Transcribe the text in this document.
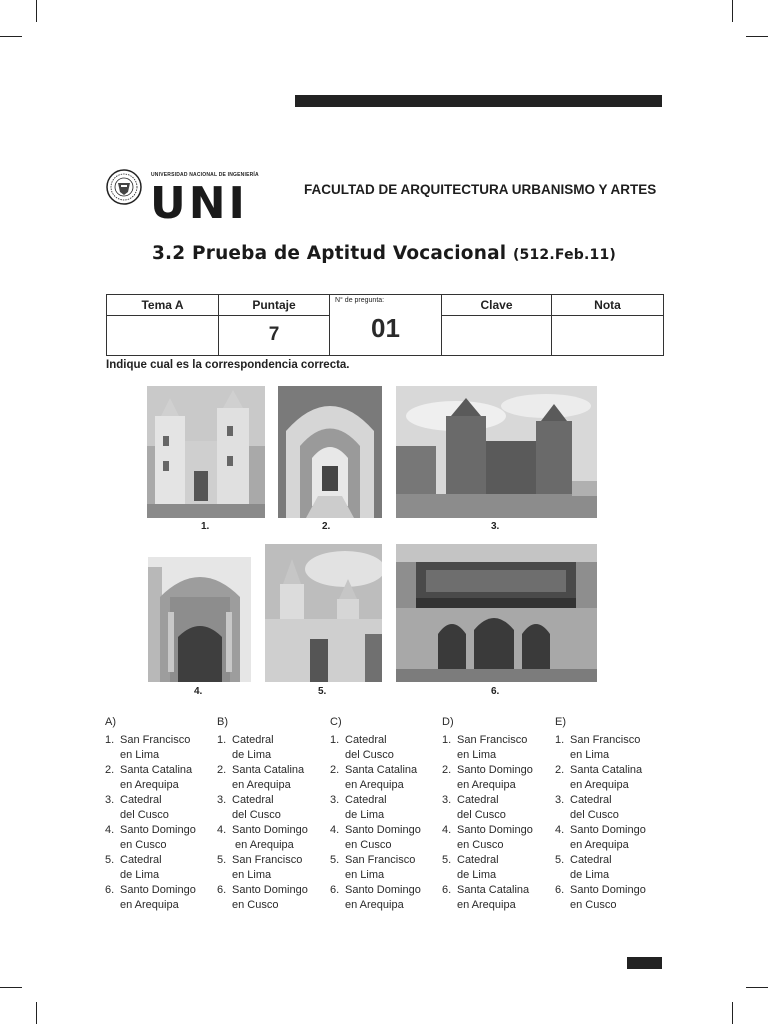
UNIVERSIDAD NACIONAL DE INGENIERÍA
UNI	FACULTAD DE ARQUITECTURA URBANISMO Y ARTES
3.2 Prueba de Aptitud Vocacional (512.Feb.11)
Tema A	Puntaje	N° de pregunta:	Clave	Nota
	7	01		
Indique cual es la correspondencia correcta.
1.	2.	3.
4.	5.	6.
A)
1. San Francisco
en Lima
2. Santa Catalina
en Arequipa
3. Catedral
del Cusco
4. Santo Domingo
en Cusco
5. Catedral
de Lima
6. Santo Domingo
en Arequipa
B)
1. Catedral
de Lima
2. Santa Catalina
en Arequipa
3. Catedral
del Cusco
4. Santo Domingo
en Arequipa
5. San Francisco
en Lima
6. Santo Domingo
en Cusco
C)
1. Catedral
del Cusco
2. Santa Catalina
en Arequipa
3. Catedral
de Lima
4. Santo Domingo
en Cusco
5. San Francisco
en Lima
6. Santo Domingo
en Arequipa
D)
1. San Francisco
en Lima
2. Santo Domingo
en Arequipa
3. Catedral
del Cusco
4. Santo Domingo
en Cusco
5. Catedral
de Lima
6. Santa Catalina
en Arequipa
E)
1. San Francisco
en Lima
2. Santa Catalina
en Arequipa
3. Catedral
del Cusco
4. Santo Domingo
en Arequipa
5. Catedral
de Lima
6. Santo Domingo
en Cusco
